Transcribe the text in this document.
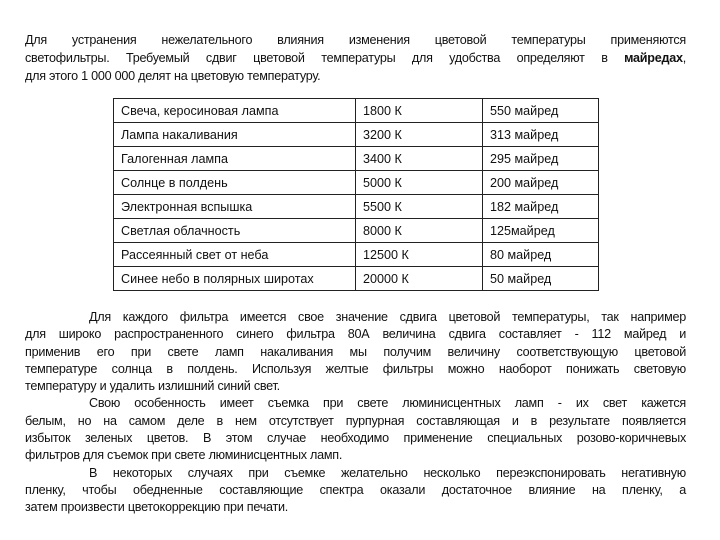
Для устранения нежелательного влияния изменения цветовой температуры применяются
светофильтры. Требуемый сдвиг цветовой температуры для удобства определяют в майредах,
для этого 1 000 000 делят на цветовую температуру.
Свеча, керосиновая лампа	1800 К	550 майред
Лампа накаливания	3200 К	313 майред
Галогенная лампа	3400 К	295 майред
Солнце в полдень	5000 К	200 майред
Электронная вспышка	5500 К	182 майред
Светлая облачность	8000 К	125майред
Рассеянный свет от неба	12500 К	80 майред
Синее небо в полярных широтах	20000 К	50 майред
Для каждого фильтра имеется свое значение сдвига цветовой температуры, так например
для широко распространенного синего фильтра 80А величина сдвига составляет - 112 майред и
применив его при свете ламп накаливания мы получим величину соответствующую цветовой
температуре солнца в полдень. Используя желтые фильтры можно наоборот понижать световую
температуру и удалить излишний синий свет.
Свою особенность имеет съемка при свете люминисцентных ламп - их свет кажется
белым, но на самом деле в нем отсутствует пурпурная составляющая и в результате появляется
избыток зеленых цветов. В этом случае необходимо применение специальных розово-коричневых
фильтров для съемок при свете люминисцентных ламп.
В некоторых случаях при съемке желательно несколько переэкспонировать негативную
пленку, чтобы обедненные составляющие спектра оказали достаточное влияние на пленку, а
затем произвести цветокоррекцию при печати.
